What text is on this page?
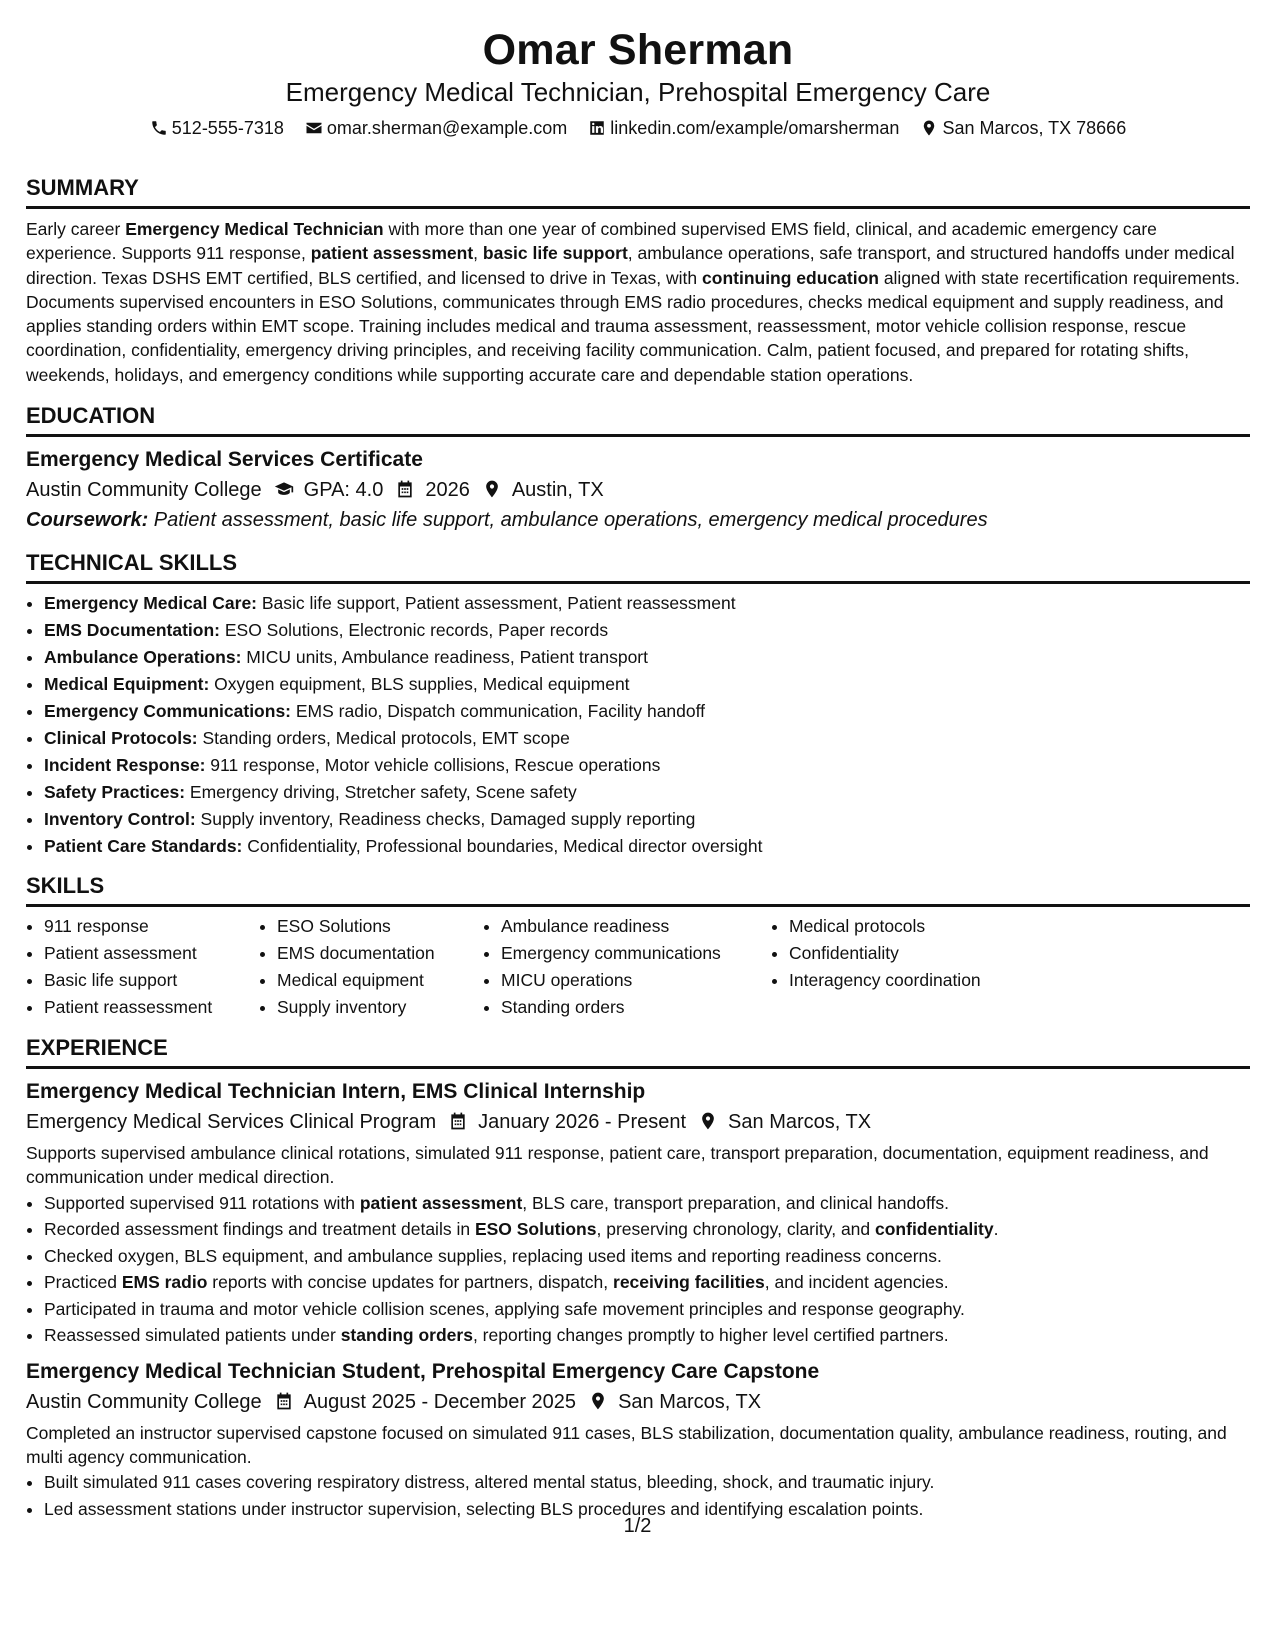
Omar Sherman
Emergency Medical Technician, Prehospital Emergency Care
512-555-7318
omar.sherman@example.com
linkedin.com/example/omarsherman
San Marcos, TX 78666
SUMMARY

Early career Emergency Medical Technician with more than one year of combined supervised EMS field, clinical, and academic emergency care experience. Supports 911 response, patient assessment, basic life support, ambulance operations, safe transport, and structured handoffs under medical direction. Texas DSHS EMT certified, BLS certified, and licensed to drive in Texas, with continuing education aligned with state recertification requirements. Documents supervised encounters in ESO Solutions, communicates through EMS radio procedures, checks medical equipment and supply readiness, and applies standing orders within EMT scope. Training includes medical and trauma assessment, reassessment, motor vehicle collision response, rescue coordination, confidentiality, emergency driving principles, and receiving facility communication. Calm, patient focused, and prepared for rotating shifts, weekends, holidays, and emergency conditions while supporting accurate care and dependable station operations.

EDUCATION
Emergency Medical Services Certificate
Austin Community College GPA: 4.0 2026 Austin, TX
Coursework: Patient assessment, basic life support, ambulance operations, emergency medical procedures
TECHNICAL SKILLS
• Emergency Medical Care: Basic life support, Patient assessment, Patient reassessment
• EMS Documentation: ESO Solutions, Electronic records, Paper records
• Ambulance Operations: MICU units, Ambulance readiness, Patient transport
• Medical Equipment: Oxygen equipment, BLS supplies, Medical equipment
• Emergency Communications: EMS radio, Dispatch communication, Facility handoff
• Clinical Protocols: Standing orders, Medical protocols, EMT scope
• Incident Response: 911 response, Motor vehicle collisions, Rescue operations
• Safety Practices: Emergency driving, Stretcher safety, Scene safety
• Inventory Control: Supply inventory, Readiness checks, Damaged supply reporting
• Patient Care Standards: Confidentiality, Professional boundaries, Medical director oversight
SKILLS
• 911 response
• Patient assessment
• Basic life support
• Patient reassessment
• ESO Solutions
• EMS documentation
• Medical equipment
• Supply inventory
• Ambulance readiness
• Emergency communications
• MICU operations
• Standing orders
• Medical protocols
• Confidentiality
• Interagency coordination
EXPERIENCE
Emergency Medical Technician Intern, EMS Clinical Internship
Emergency Medical Services Clinical Program January 2026 - Present San Marcos, TX

Supports supervised ambulance clinical rotations, simulated 911 response, patient care, transport preparation, documentation, equipment readiness, and communication under medical direction.

• Supported supervised 911 rotations with patient assessment, BLS care, transport preparation, and clinical handoffs.
• Recorded assessment findings and treatment details in ESO Solutions, preserving chronology, clarity, and confidentiality.
• Checked oxygen, BLS equipment, and ambulance supplies, replacing used items and reporting readiness concerns.
• Practiced EMS radio reports with concise updates for partners, dispatch, receiving facilities, and incident agencies.
• Participated in trauma and motor vehicle collision scenes, applying safe movement principles and response geography.
• Reassessed simulated patients under standing orders, reporting changes promptly to higher level certified partners.
Emergency Medical Technician Student, Prehospital Emergency Care Capstone
Austin Community College August 2025 - December 2025 San Marcos, TX

Completed an instructor supervised capstone focused on simulated 911 cases, BLS stabilization, documentation quality, ambulance readiness, routing, and multi agency communication.

• Built simulated 911 cases covering respiratory distress, altered mental status, bleeding, shock, and traumatic injury.
• Led assessment stations under instructor supervision, selecting BLS procedures and identifying escalation points.
1/2
